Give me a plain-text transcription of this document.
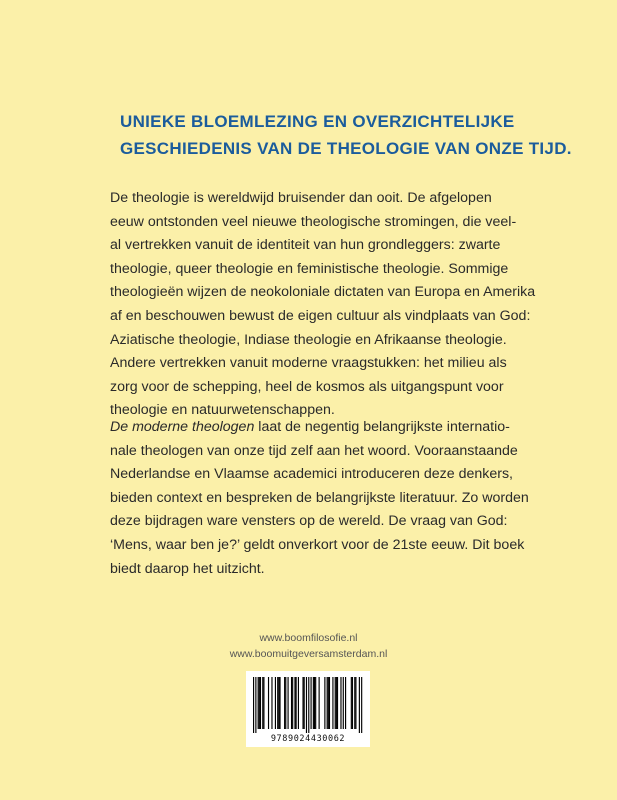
UNIEKE BLOEMLEZING EN OVERZICHTELIJKE
GESCHIEDENIS VAN DE THEOLOGIE VAN ONZE TIJD.

De theologie is wereldwijd bruisender dan ooit. De afgelopen
eeuw ontstonden veel nieuwe theologische stromingen, die veel-
al vertrekken vanuit de identiteit van hun grondleggers: zwarte
theologie, queer theologie en feministische theologie. Sommige
theologieën wijzen de neokoloniale dictaten van Europa en Amerika
af en beschouwen bewust de eigen cultuur als vindplaats van God:
Aziatische theologie, Indiase theologie en Afrikaanse theologie.
Andere vertrekken vanuit moderne vraagstukken: het milieu als
zorg voor de schepping, heel de kosmos als uitgangspunt voor
theologie en natuurwetenschappen.

De moderne theologen laat de negentig belangrijkste internatio-
nale theologen van onze tijd zelf aan het woord. Vooraanstaande
Nederlandse en Vlaamse academici introduceren deze denkers,
bieden context en bespreken de belangrijkste literatuur. Zo worden
deze bijdragen ware vensters op de wereld. De vraag van God:
‘Mens, waar ben je?’ geldt onverkort voor de 21ste eeuw. Dit boek
biedt daarop het uitzicht.

www.boomfilosofie.nl
www.boomuitgeversamsterdam.nl
9789024430062
